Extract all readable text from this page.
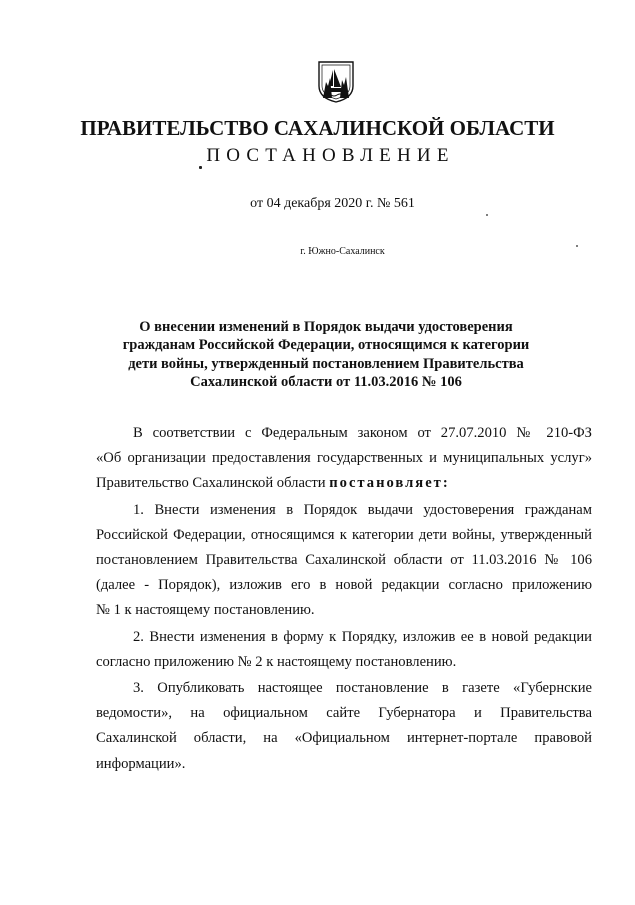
ПРАВИТЕЛЬСТВО САХАЛИНСКОЙ ОБЛАСТИ
ПОСТАНОВЛЕНИЕ
от 04 декабря 2020 г. № 561
г. Южно-Сахалинск
О внесении изменений в Порядок выдачи удостоверения
гражданам Российской Федерации, относящимся к категории
дети войны, утвержденный постановлением Правительства
Сахалинской области от 11.03.2016 № 106
В соответствии с Федеральным законом от 27.07.2010 № 210-ФЗ
«Об организации предоставления государственных и муниципальных услуг»
Правительство Сахалинской области постановляет:
1. Внести изменения в Порядок выдачи удостоверения гражданам
Российской Федерации, относящимся к категории дети войны, утвержденный
постановлением Правительства Сахалинской области от 11.03.2016 № 106
(далее - Порядок), изложив его в новой редакции согласно приложению
№ 1 к настоящему постановлению.
2. Внести изменения в форму к Порядку, изложив ее в новой редакции
согласно приложению № 2 к настоящему постановлению.
3. Опубликовать настоящее постановление в газете «Губернские
ведомости», на официальном сайте Губернатора и Правительства
Сахалинской области, на «Официальном интернет-портале правовой
информации».
